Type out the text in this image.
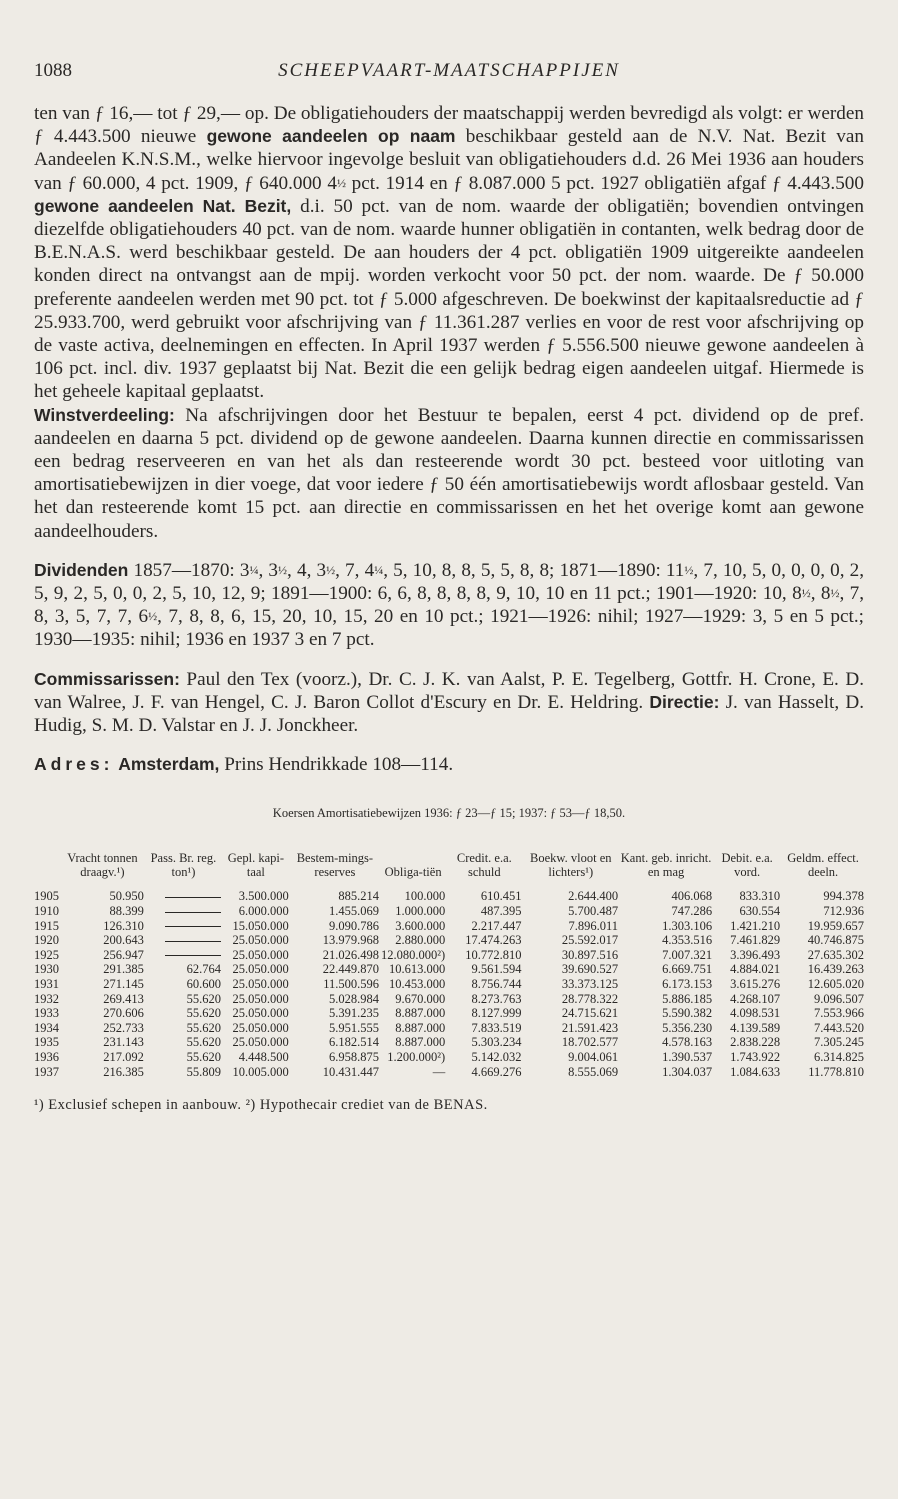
1088	SCHEEPVAART-MAATSCHAPPIJEN

ten van ƒ 16,— tot ƒ 29,— op. De obligatiehouders der maatschappij werden bevredigd als volgt: er werden ƒ 4.443.500 nieuwe gewone aandeelen op naam beschikbaar gesteld aan de N.V. Nat. Bezit van Aandeelen K.N.S.M., welke hiervoor ingevolge besluit van obligatiehouders d.d. 26 Mei 1936 aan houders van ƒ 60.000, 4 pct. 1909, ƒ 640.000 4½ pct. 1914 en ƒ 8.087.000 5 pct. 1927 obligatiën afgaf ƒ 4.443.500 gewone aandeelen Nat. Bezit, d.i. 50 pct. van de nom. waarde der obligatiën; bovendien ontvingen diezelfde obligatiehouders 40 pct. van de nom. waarde hunner obligatiën in contanten, welk bedrag door de B.E.N.A.S. werd beschikbaar gesteld. De aan houders der 4 pct. obligatiën 1909 uitgereikte aandeelen konden direct na ontvangst aan de mpij. worden verkocht voor 50 pct. der nom. waarde. De ƒ 50.000 preferente aandeelen werden met 90 pct. tot ƒ 5.000 afgeschreven. De boekwinst der kapitaalsreductie ad ƒ 25.933.700, werd gebruikt voor afschrijving van ƒ 11.361.287 verlies en voor de rest voor afschrijving op de vaste activa, deelnemingen en effecten. In April 1937 werden ƒ 5.556.500 nieuwe gewone aandeelen à 106 pct. incl. div. 1937 geplaatst bij Nat. Bezit die een gelijk bedrag eigen aandeelen uitgaf. Hiermede is het geheele kapitaal geplaatst.

Winstverdeeling: Na afschrijvingen door het Bestuur te bepalen, eerst 4 pct. dividend op de pref. aandeelen en daarna 5 pct. dividend op de gewone aandeelen. Daarna kunnen directie en commissarissen een bedrag reserveeren en van het als dan resteerende wordt 30 pct. besteed voor uitloting van amortisatiebewijzen in dier voege, dat voor iedere ƒ 50 één amortisatiebewijs wordt aflosbaar gesteld. Van het dan resteerende komt 15 pct. aan directie en commissarissen en het het overige komt aan gewone aandeelhouders.

Dividenden 1857—1870: 3¼, 3½, 4, 3½, 7, 4¼, 5, 10, 8, 8, 5, 5, 8, 8; 1871—1890: 11½, 7, 10, 5, 0, 0, 0, 0, 2, 5, 9, 2, 5, 0, 0, 2, 5, 10, 12, 9; 1891—1900: 6, 6, 8, 8, 8, 8, 9, 10, 10 en 11 pct.; 1901—1920: 10, 8½, 8½, 7, 8, 3, 5, 7, 7, 6½, 7, 8, 8, 6, 15, 20, 10, 15, 20 en 10 pct.; 1921—1926: nihil; 1927—1929: 3, 5 en 5 pct.; 1930—1935: nihil; 1936 en 1937 3 en 7 pct.

Commissarissen: Paul den Tex (voorz.), Dr. C. J. K. van Aalst, P. E. Tegelberg, Gottfr. H. Crone, E. D. van Walree, J. F. van Hengel, C. J. Baron Collot d'Escury en Dr. E. Heldring. Directie: J. van Hasselt, D. Hudig, S. M. D. Valstar en J. J. Jonckheer.

Adres: Amsterdam, Prins Hendrikkade 108—114.

Koersen Amortisatiebewijzen 1936: ƒ 23—ƒ 15; 1937: ƒ 53—ƒ 18,50.
	Vracht tonnen draagv.¹)	Pass. Br. reg. ton¹)	Gepl. kapi-taal	Bestem-mings-reserves	Obliga-tiën	Credit. e.a. schuld	Boekw. vloot en lichters¹)	Kant. geb. inricht. en mag	Debit. e.a. vord.	Geldm. effect. deeln.
1905	50.950		3.500.000	885.214	100.000	610.451	2.644.400	406.068	833.310	994.378
1910	88.399		6.000.000	1.455.069	1.000.000	487.395	5.700.487	747.286	630.554	712.936
1915	126.310		15.050.000	9.090.786	3.600.000	2.217.447	7.896.011	1.303.106	1.421.210	19.959.657
1920	200.643		25.050.000	13.979.968	2.880.000	17.474.263	25.592.017	4.353.516	7.461.829	40.746.875
1925	256.947		25.050.000	21.026.498	12.080.000²)	10.772.810	30.897.516	7.007.321	3.396.493	27.635.302
1930	291.385	62.764	25.050.000	22.449.870	10.613.000	9.561.594	39.690.527	6.669.751	4.884.021	16.439.263
1931	271.145	60.600	25.050.000	11.500.596	10.453.000	8.756.744	33.373.125	6.173.153	3.615.276	12.605.020
1932	269.413	55.620	25.050.000	5.028.984	9.670.000	8.273.763	28.778.322	5.886.185	4.268.107	9.096.507
1933	270.606	55.620	25.050.000	5.391.235	8.887.000	8.127.999	24.715.621	5.590.382	4.098.531	7.553.966
1934	252.733	55.620	25.050.000	5.951.555	8.887.000	7.833.519	21.591.423	5.356.230	4.139.589	7.443.520
1935	231.143	55.620	25.050.000	6.182.514	8.887.000	5.303.234	18.702.577	4.578.163	2.838.228	7.305.245
1936	217.092	55.620	4.448.500	6.958.875	1.200.000²)	5.142.032	9.004.061	1.390.537	1.743.922	6.314.825
1937	216.385	55.809	10.005.000	10.431.447	—	4.669.276	8.555.069	1.304.037	1.084.633	11.778.810
¹) Exclusief schepen in aanbouw. ²) Hypothecair crediet van de BENAS.
